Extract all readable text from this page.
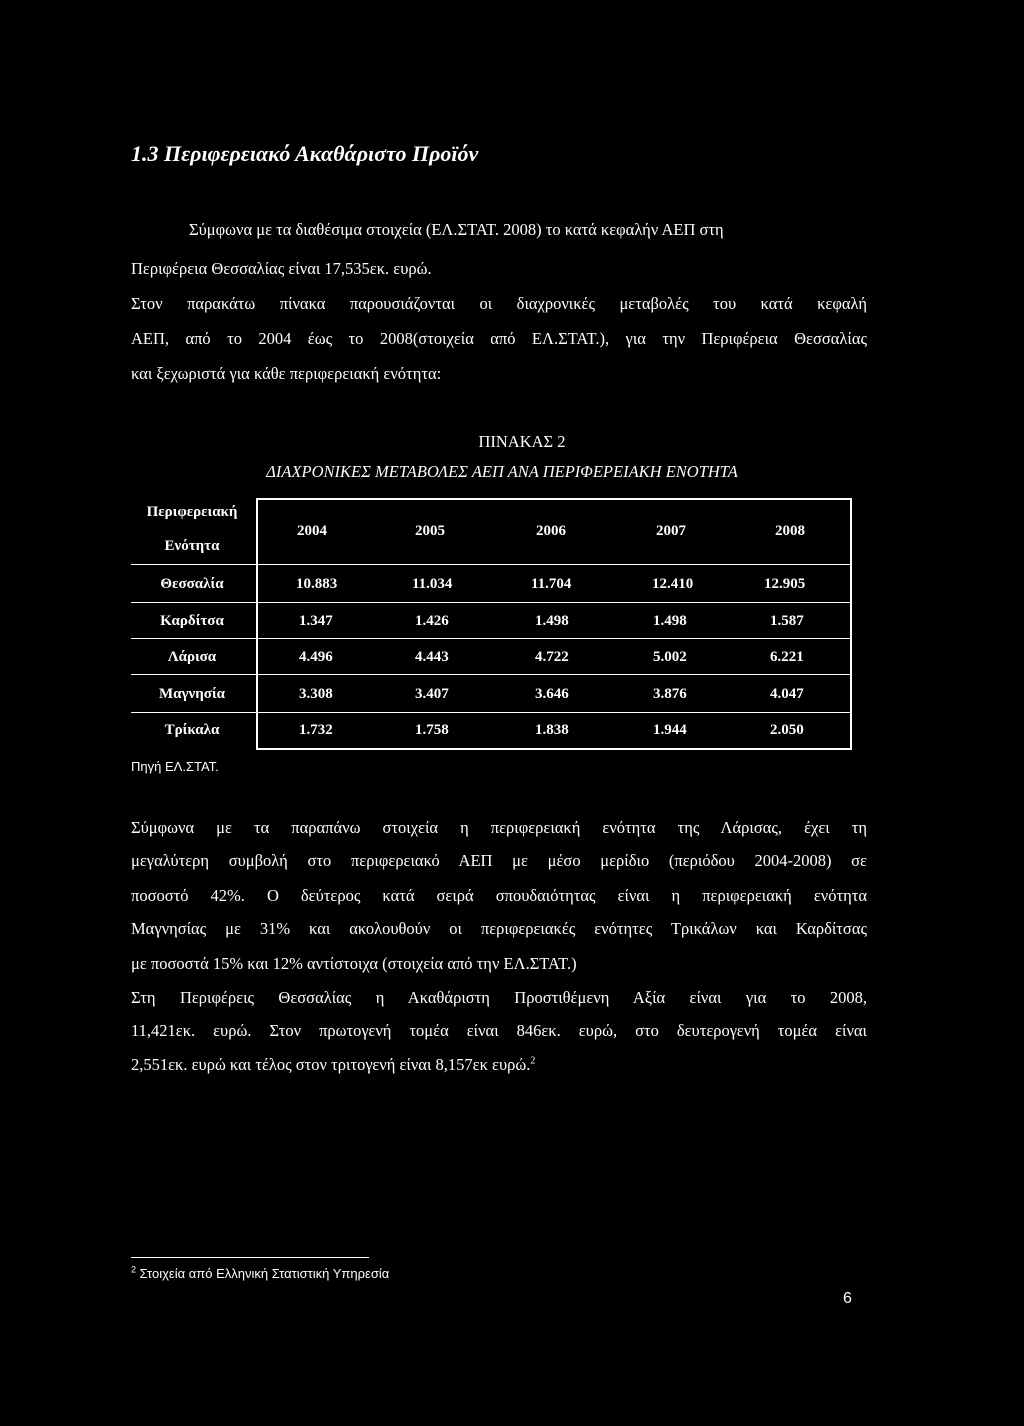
1.3 Περιφερειακό Ακαθάριστο Προϊόν
Σύμφωνα με τα διαθέσιμα στοιχεία (ΕΛ.ΣΤΑΤ. 2008) το κατά κεφαλήν ΑΕΠ στη
Περιφέρεια Θεσσαλίας είναι 17,535εκ. ευρώ.
Στον παρακάτω πίνακα παρουσιάζονται οι διαχρονικές μεταβολές του κατά κεφαλή
ΑΕΠ, από το 2004 έως το 2008(στοιχεία από ΕΛ.ΣΤΑΤ.), για την Περιφέρεια Θεσσαλίας
και ξεχωριστά για κάθε περιφερειακή ενότητα:
ΠΙΝΑΚΑΣ 2
ΔΙΑΧΡΟΝΙΚΕΣ ΜΕΤΑΒΟΛΕΣ ΑΕΠ ΑΝΑ ΠΕΡΙΦΕΡΕΙΑΚΗ ΕΝΟΤΗΤΑ
Περιφερειακή
Ενότητα
2004	2005	2006	2007	2008
Θεσσαλία	10.883	11.034	11.704	12.410	12.905
Καρδίτσα	1.347	1.426	1.498	1.498	1.587
Λάρισα	4.496	4.443	4.722	5.002	6.221
Μαγνησία	3.308	3.407	3.646	3.876	4.047
Τρίκαλα	1.732	1.758	1.838	1.944	2.050
Πηγή ΕΛ.ΣΤΑΤ.
Σύμφωνα με τα παραπάνω στοιχεία η περιφερειακή ενότητα της Λάρισας, έχει τη
μεγαλύτερη συμβολή στο περιφερειακό ΑΕΠ με μέσο μερίδιο (περιόδου 2004-2008) σε
ποσοστό 42%. Ο δεύτερος κατά σειρά σπουδαιότητας είναι η περιφερειακή ενότητα
Μαγνησίας με 31% και ακολουθούν οι περιφερειακές ενότητες Τρικάλων και Καρδίτσας
με ποσοστά 15% και 12% αντίστοιχα (στοιχεία από την ΕΛ.ΣΤΑΤ.)
Στη Περιφέρεις Θεσσαλίας η Ακαθάριστη Προστιθέμενη Αξία είναι για το 2008,
11,421εκ. ευρώ. Στον πρωτογενή τομέα είναι 846εκ. ευρώ, στο δευτερογενή τομέα είναι
2,551εκ. ευρώ και τέλος στον τριτογενή είναι 8,157εκ ευρώ.$^2$
$^2$ Στοιχεία από Ελληνική Στατιστική Υπηρεσία
6
